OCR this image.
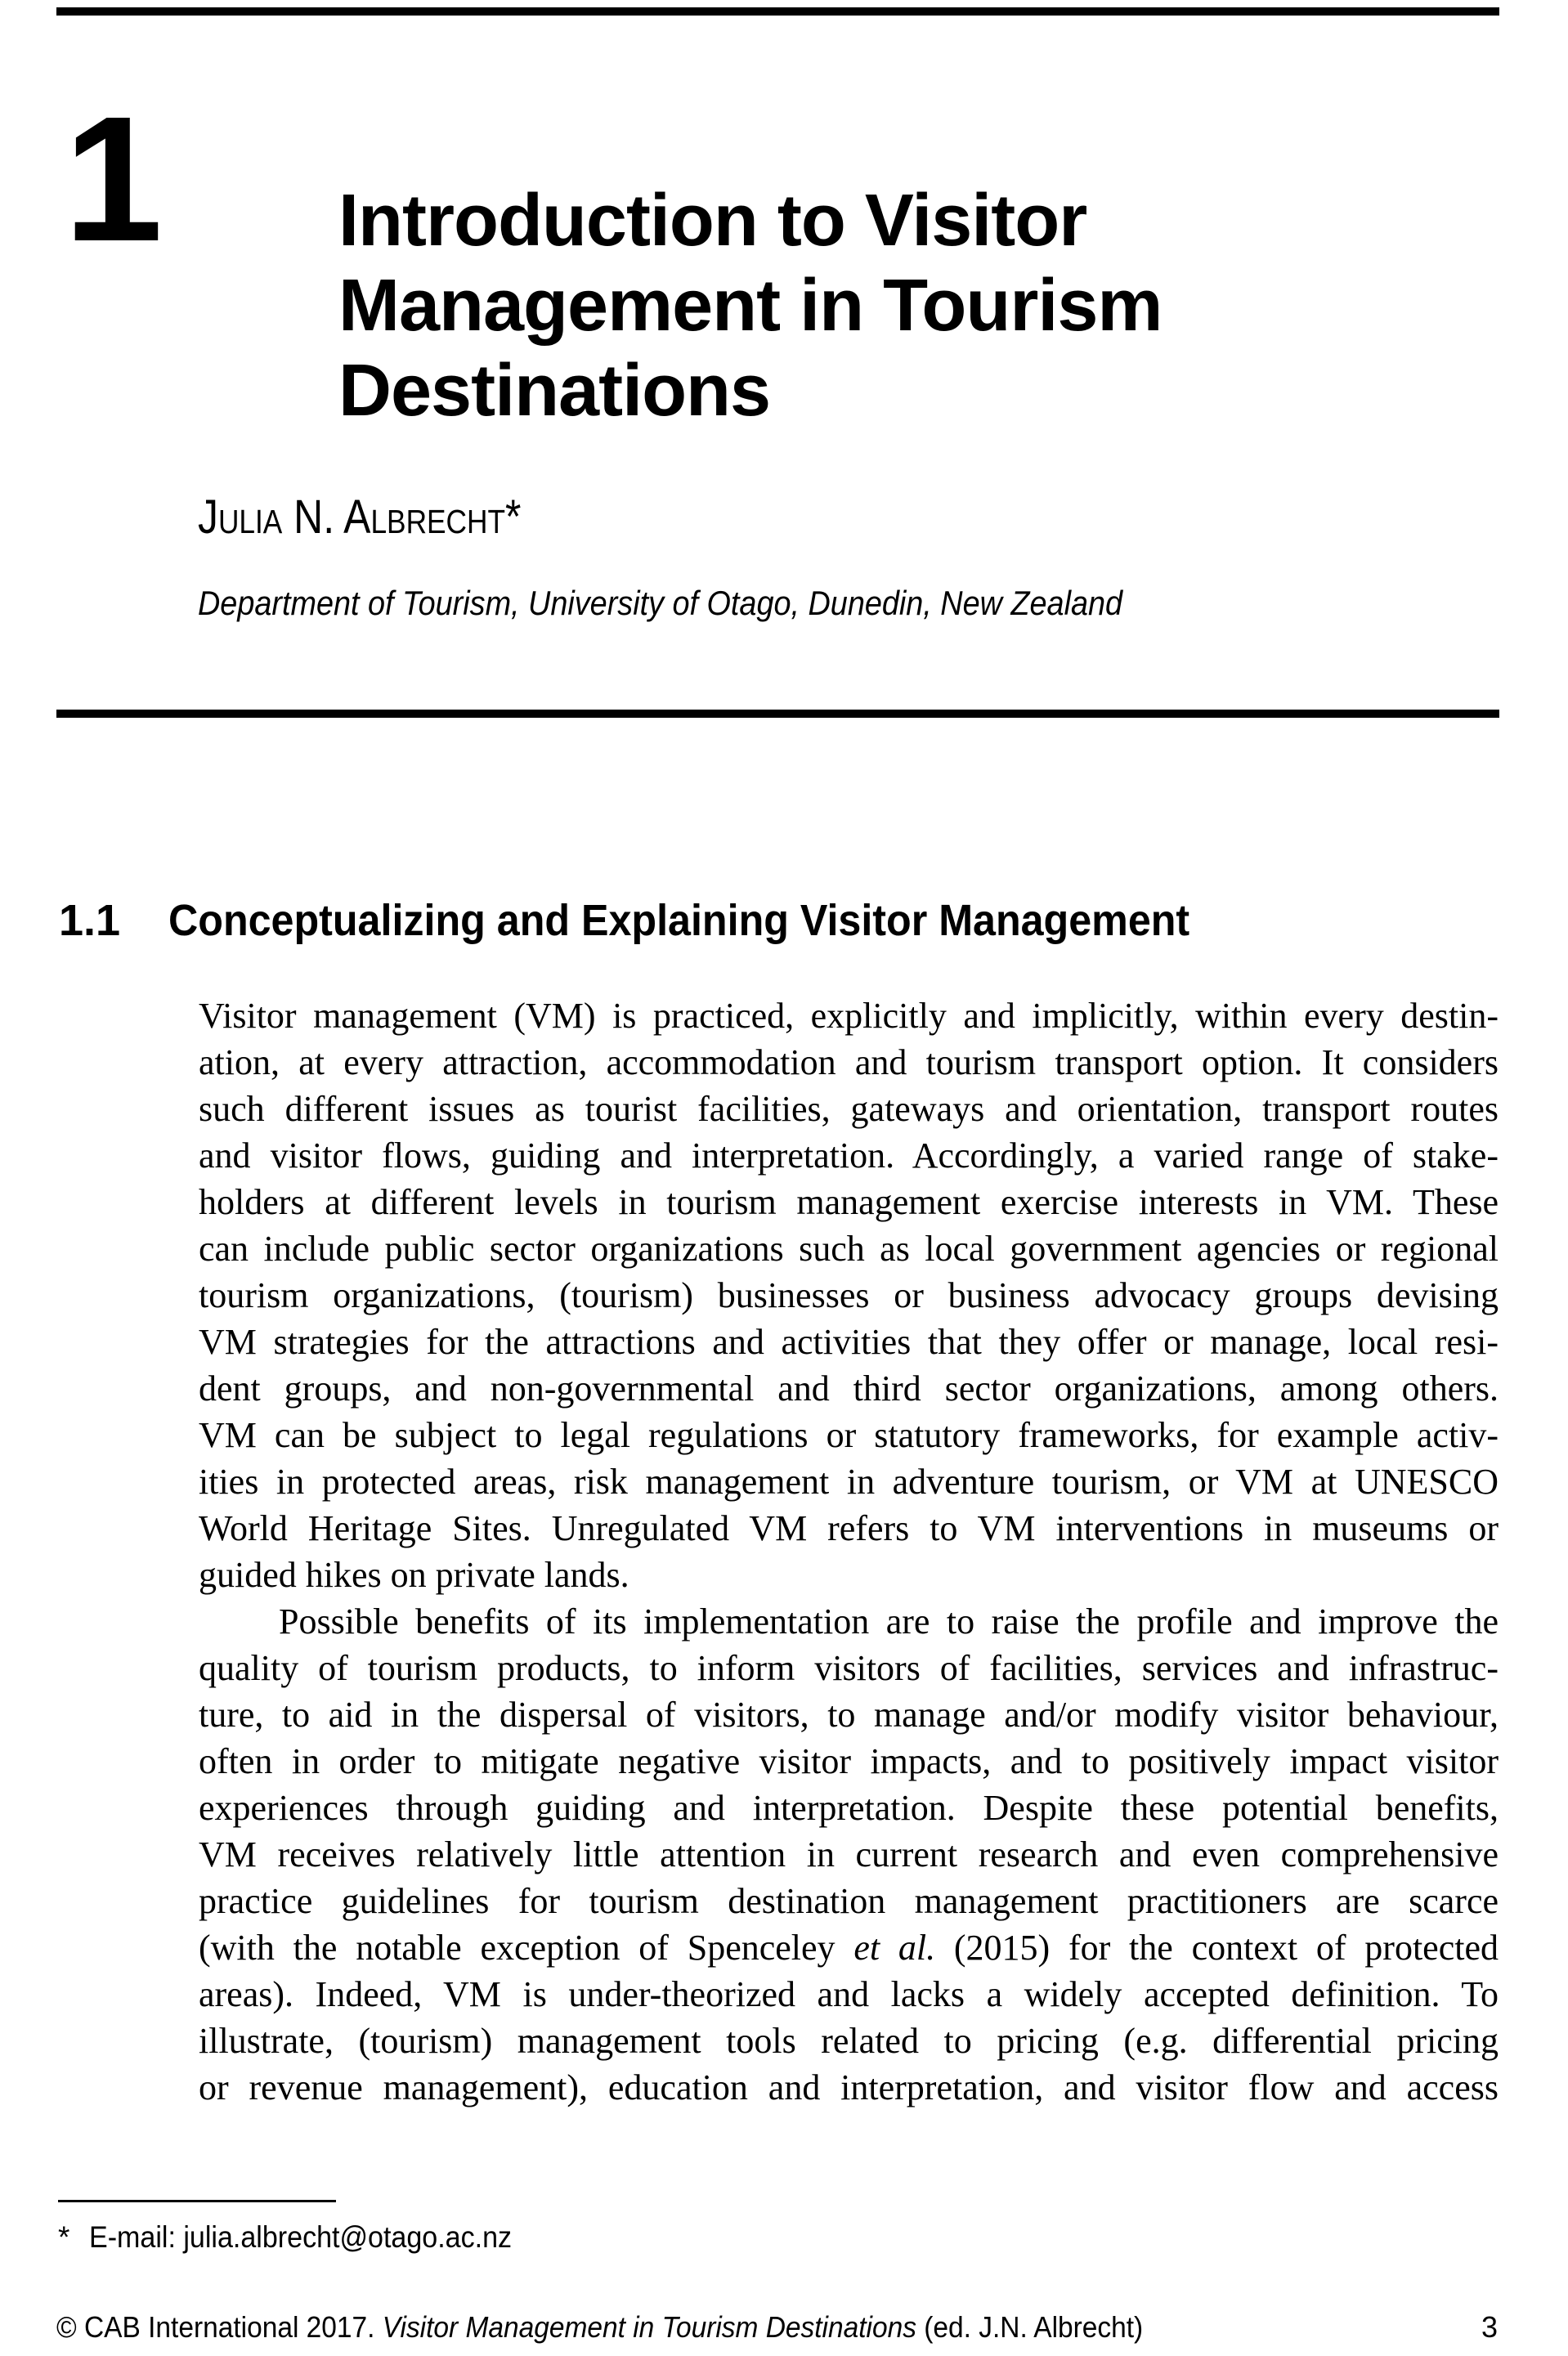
1 Introduction to Visitor
Management in Tourism
Destinations
Julia N. Albrecht*
Department of Tourism, University of Otago, Dunedin, New Zealand
1.1 Conceptualizing and Explaining Visitor Management
Visitor management (VM) is practiced, explicitly and implicitly, within every destin-
ation, at every attraction, accommodation and tourism transport option. It considers
such different issues as tourist facilities, gateways and orientation, transport routes
and visitor flows, guiding and interpretation. Accordingly, a varied range of stake-
holders at different levels in tourism management exercise interests in VM. These
can include public sector organizations such as local government agencies or regional
tourism organizations, (tourism) businesses or business advocacy groups devising
VM strategies for the attractions and activities that they offer or manage, local resi-
dent groups, and non-governmental and third sector organizations, among others.
VM can be subject to legal regulations or statutory frameworks, for example activ-
ities in protected areas, risk management in adventure tourism, or VM at UNESCO
World Heritage Sites. Unregulated VM refers to VM interventions in museums or
guided hikes on private lands.
Possible benefits of its implementation are to raise the profile and improve the
quality of tourism products, to inform visitors of facilities, services and infrastruc-
ture, to aid in the dispersal of visitors, to manage and/or modify visitor behaviour,
often in order to mitigate negative visitor impacts, and to positively impact visitor
experiences through guiding and interpretation. Despite these potential benefits,
VM receives relatively little attention in current research and even comprehensive
practice guidelines for tourism destination management practitioners are scarce
(with the notable exception of Spenceley et al. (2015) for the context of protected
areas). Indeed, VM is under-theorized and lacks a widely accepted definition. To
illustrate, (tourism) management tools related to pricing (e.g. differential pricing
or revenue management), education and interpretation, and visitor flow and access
* E-mail: julia.albrecht@otago.ac.nz
© CAB International 2017. Visitor Management in Tourism Destinations (ed. J.N. Albrecht)	3
